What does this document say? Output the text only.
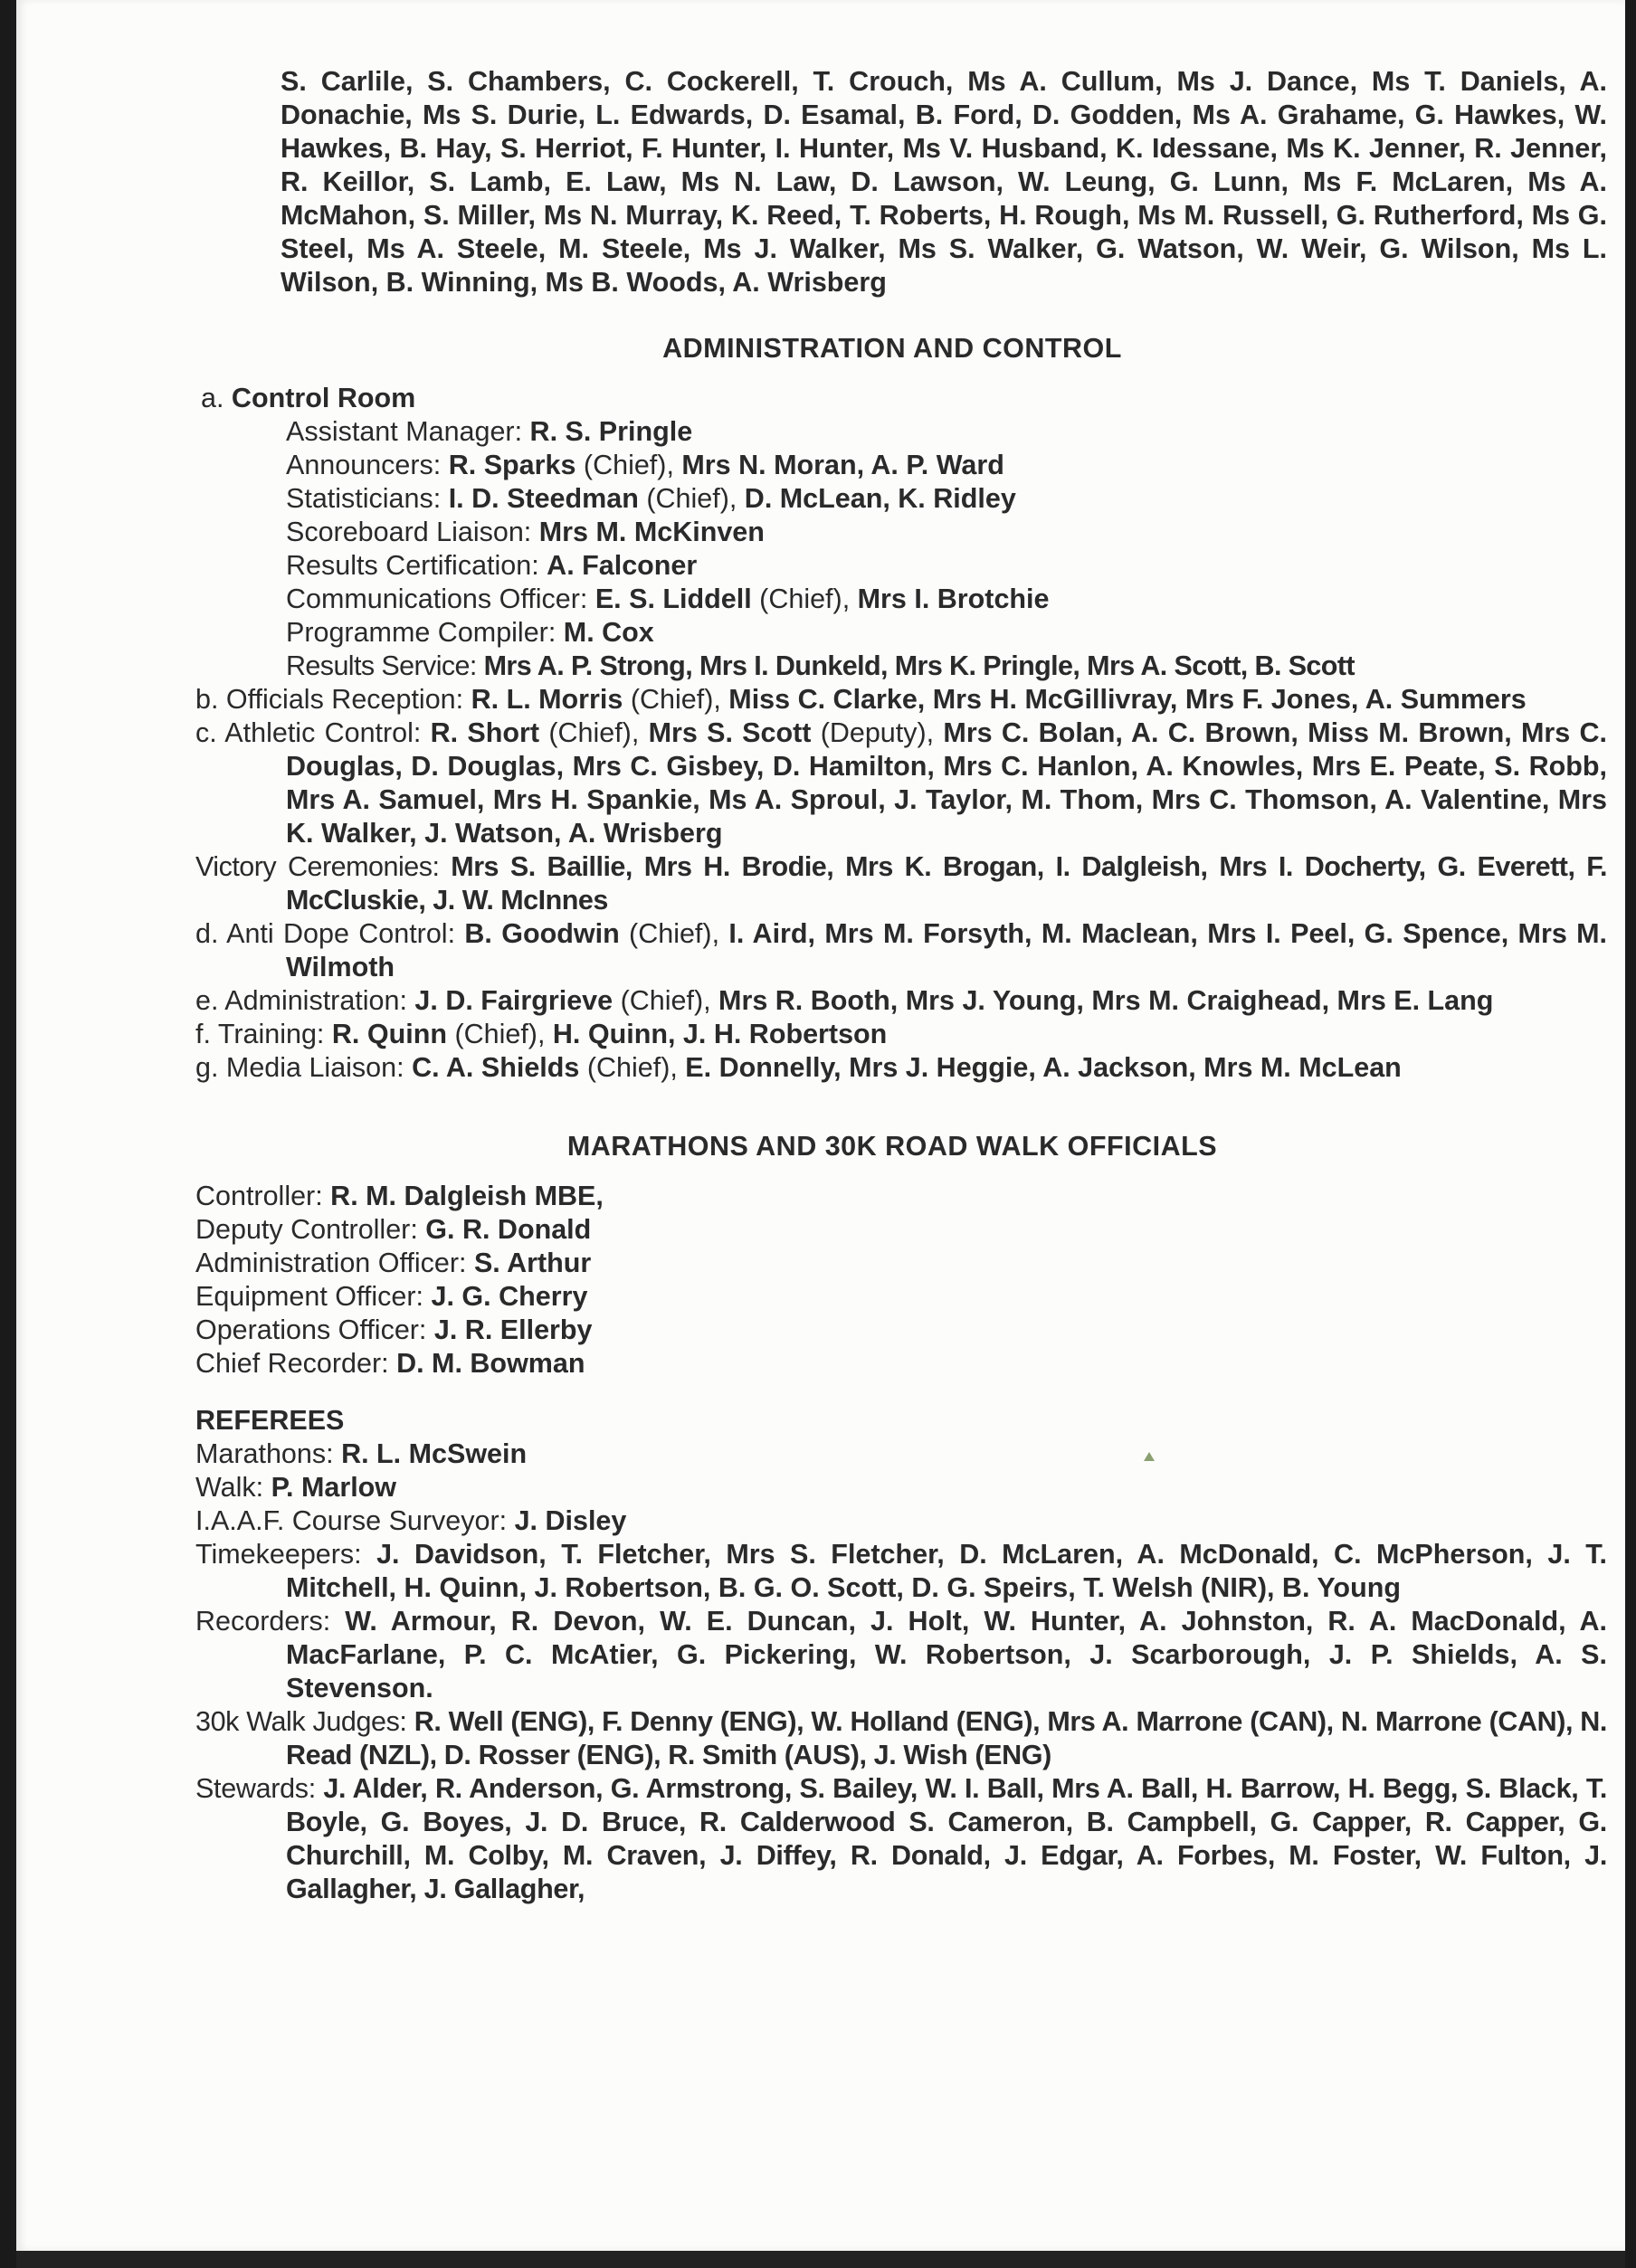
S. Carlile, S. Chambers, C. Cockerell, T. Crouch, Ms A. Cullum, Ms J. Dance, Ms T. Daniels, A. Donachie, Ms S. Durie, L. Edwards, D. Esamal, B. Ford, D. Godden, Ms A. Grahame, G. Hawkes, W. Hawkes, B. Hay, S. Herriot, F. Hunter, I. Hunter, Ms V. Husband, K. Idessane, Ms K. Jenner, R. Jenner, R. Keillor, S. Lamb, E. Law, Ms N. Law, D. Lawson, W. Leung, G. Lunn, Ms F. McLaren, Ms A. McMahon, S. Miller, Ms N. Murray, K. Reed, T. Roberts, H. Rough, Ms M. Russell, G. Rutherford, Ms G. Steel, Ms A. Steele, M. Steele, Ms J. Walker, Ms S. Walker, G. Watson, W. Weir, G. Wilson, Ms L. Wilson, B. Winning, Ms B. Woods, A. Wrisberg
ADMINISTRATION AND CONTROL
a. Control Room
Assistant Manager: R. S. Pringle
Announcers: R. Sparks (Chief), Mrs N. Moran, A. P. Ward
Statisticians: I. D. Steedman (Chief), D. McLean, K. Ridley
Scoreboard Liaison: Mrs M. McKinven
Results Certification: A. Falconer
Communications Officer: E. S. Liddell (Chief), Mrs I. Brotchie
Programme Compiler: M. Cox
Results Service: Mrs A. P. Strong, Mrs I. Dunkeld, Mrs K. Pringle, Mrs A. Scott, B. Scott
b. Officials Reception: R. L. Morris (Chief), Miss C. Clarke, Mrs H. McGillivray, Mrs F. Jones, A. Summers
c. Athletic Control: R. Short (Chief), Mrs S. Scott (Deputy), Mrs C. Bolan, A. C. Brown, Miss M. Brown, Mrs C. Douglas, D. Douglas, Mrs C. Gisbey, D. Hamilton, Mrs C. Hanlon, A. Knowles, Mrs E. Peate, S. Robb, Mrs A. Samuel, Mrs H. Spankie, Ms A. Sproul, J. Taylor, M. Thom, Mrs C. Thomson, A. Valentine, Mrs K. Walker, J. Watson, A. Wrisberg
Victory Ceremonies: Mrs S. Baillie, Mrs H. Brodie, Mrs K. Brogan, I. Dalgleish, Mrs I. Docherty, G. Everett, F. McCluskie, J. W. McInnes
d. Anti Dope Control: B. Goodwin (Chief), I. Aird, Mrs M. Forsyth, M. Maclean, Mrs I. Peel, G. Spence, Mrs M. Wilmoth
e. Administration: J. D. Fairgrieve (Chief), Mrs R. Booth, Mrs J. Young, Mrs M. Craighead, Mrs E. Lang
f. Training: R. Quinn (Chief), H. Quinn, J. H. Robertson
g. Media Liaison: C. A. Shields (Chief), E. Donnelly, Mrs J. Heggie, A. Jackson, Mrs M. McLean
MARATHONS AND 30K ROAD WALK OFFICIALS
Controller: R. M. Dalgleish MBE,
Deputy Controller: G. R. Donald
Administration Officer: S. Arthur
Equipment Officer: J. G. Cherry
Operations Officer: J. R. Ellerby
Chief Recorder: D. M. Bowman
REFEREES
Marathons: R. L. McSwein
Walk: P. Marlow
I.A.A.F. Course Surveyor: J. Disley
Timekeepers: J. Davidson, T. Fletcher, Mrs S. Fletcher, D. McLaren, A. McDonald, C. McPherson, J. T. Mitchell, H. Quinn, J. Robertson, B. G. O. Scott, D. G. Speirs, T. Welsh (NIR), B. Young
Recorders: W. Armour, R. Devon, W. E. Duncan, J. Holt, W. Hunter, A. Johnston, R. A. MacDonald, A. MacFarlane, P. C. McAtier, G. Pickering, W. Robertson, J. Scarborough, J. P. Shields, A. S. Stevenson.
30k Walk Judges: R. Well (ENG), F. Denny (ENG), W. Holland (ENG), Mrs A. Marrone (CAN), N. Marrone (CAN), N. Read (NZL), D. Rosser (ENG), R. Smith (AUS), J. Wish (ENG)
Stewards: J. Alder, R. Anderson, G. Armstrong, S. Bailey, W. I. Ball, Mrs A. Ball, H. Barrow, H. Begg, S. Black, T. Boyle, G. Boyes, J. D. Bruce, R. Calderwood S. Cameron, B. Campbell, G. Capper, R. Capper, G. Churchill, M. Colby, M. Craven, J. Diffey, R. Donald, J. Edgar, A. Forbes, M. Foster, W. Fulton, J. Gallagher, J. Gallagher,
